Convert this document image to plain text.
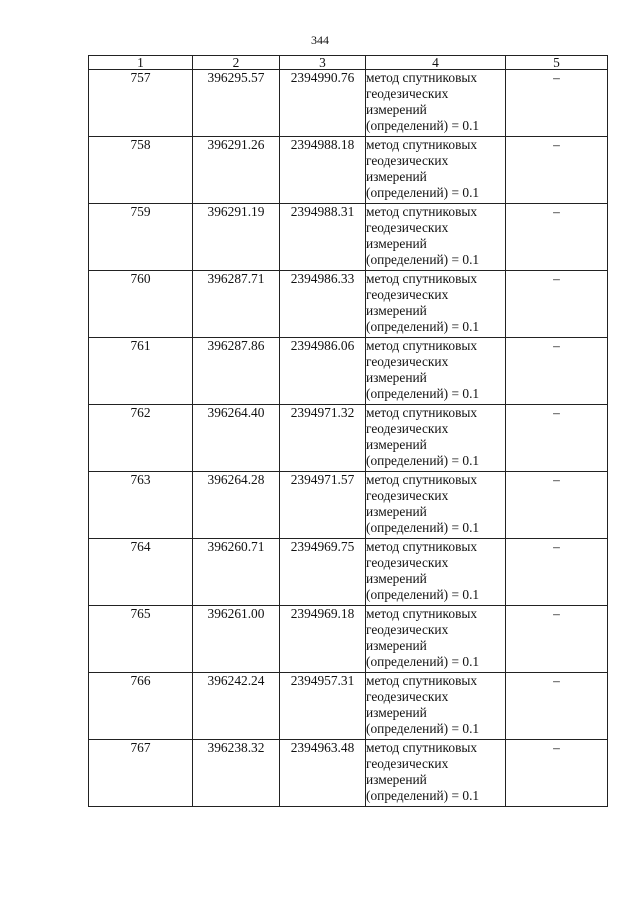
344
1	2	3	4	5
757	396295.57	2394990.76	метод спутниковых
геодезических
измерений
(определений) = 0.1	–
758	396291.26	2394988.18	метод спутниковых
геодезических
измерений
(определений) = 0.1	–
759	396291.19	2394988.31	метод спутниковых
геодезических
измерений
(определений) = 0.1	–
760	396287.71	2394986.33	метод спутниковых
геодезических
измерений
(определений) = 0.1	–
761	396287.86	2394986.06	метод спутниковых
геодезических
измерений
(определений) = 0.1	–
762	396264.40	2394971.32	метод спутниковых
геодезических
измерений
(определений) = 0.1	–
763	396264.28	2394971.57	метод спутниковых
геодезических
измерений
(определений) = 0.1	–
764	396260.71	2394969.75	метод спутниковых
геодезических
измерений
(определений) = 0.1	–
765	396261.00	2394969.18	метод спутниковых
геодезических
измерений
(определений) = 0.1	–
766	396242.24	2394957.31	метод спутниковых
геодезических
измерений
(определений) = 0.1	–
767	396238.32	2394963.48	метод спутниковых
геодезических
измерений
(определений) = 0.1	–
